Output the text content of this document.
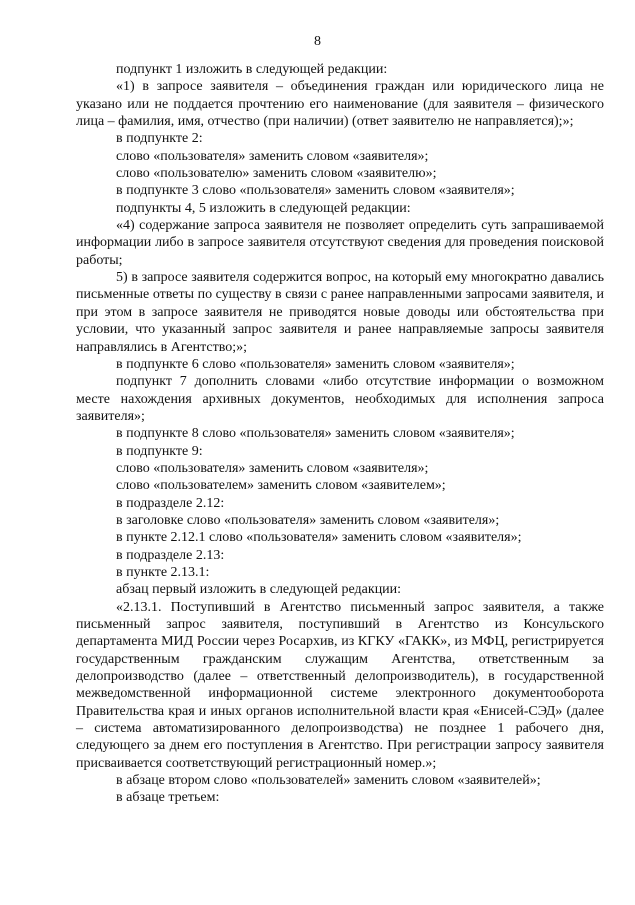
8

подпункт 1 изложить в следующей редакции:

«1) в запросе заявителя – объединения граждан или юридического лица не указано или не поддается прочтению его наименование (для заявителя – физического лица – фамилия, имя, отчество (при наличии) (ответ заявителю не направляется);»;

в подпункте 2:

слово «пользователя» заменить словом «заявителя»;

слово «пользователю» заменить словом «заявителю»;

в подпункте 3 слово «пользователя» заменить словом «заявителя»;

подпункты 4, 5 изложить в следующей редакции:

«4) содержание запроса заявителя не позволяет определить суть запрашиваемой информации либо в запросе заявителя отсутствуют сведения для проведения поисковой работы;

5) в запросе заявителя содержится вопрос, на который ему многократно давались письменные ответы по существу в связи с ранее направленными запросами заявителя, и при этом в запросе заявителя не приводятся новые доводы или обстоятельства при условии, что указанный запрос заявителя и ранее направляемые запросы заявителя направлялись в Агентство;»;

в подпункте 6 слово «пользователя» заменить словом «заявителя»;

подпункт 7 дополнить словами «либо отсутствие информации о возможном месте нахождения архивных документов, необходимых для исполнения запроса заявителя»;

в подпункте 8 слово «пользователя» заменить словом «заявителя»;

в подпункте 9:

слово «пользователя» заменить словом «заявителя»;

слово «пользователем» заменить словом «заявителем»;

в подразделе 2.12:

в заголовке слово «пользователя» заменить словом «заявителя»;

в пункте 2.12.1 слово «пользователя» заменить словом «заявителя»;

в подразделе 2.13:

в пункте 2.13.1:

абзац первый изложить в следующей редакции:

«2.13.1. Поступивший в Агентство письменный запрос заявителя, а также письменный запрос заявителя, поступивший в Агентство из Консульского департамента МИД России через Росархив, из КГКУ «ГАКК», из МФЦ, регистрируется государственным гражданским служащим Агентства, ответственным за делопроизводство (далее – ответственный делопроизводитель), в государственной межведомственной информационной системе электронного документооборота Правительства края и иных органов исполнительной власти края «Енисей-СЭД» (далее – система автоматизированного делопроизводства) не позднее 1 рабочего дня, следующего за днем его поступления в Агентство. При регистрации запросу заявителя присваивается соответствующий регистрационный номер.»;

в абзаце втором слово «пользователей» заменить словом «заявителей»;

в абзаце третьем:
